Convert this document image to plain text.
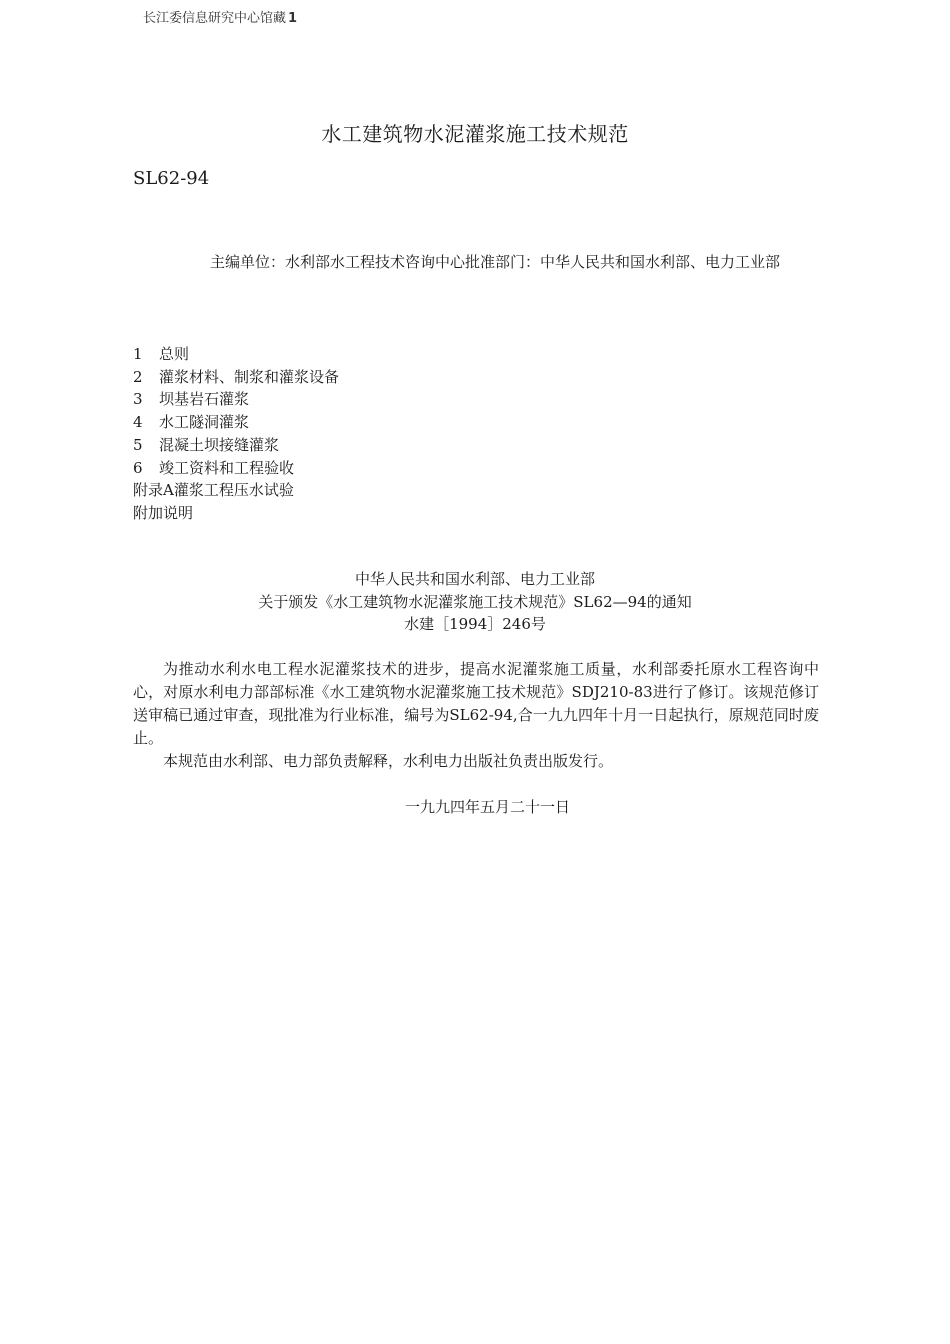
长江委信息研究中心馆藏 1
水工建筑物水泥灌浆施工技术规范
SL62-94
主编单位：水利部水工程技术咨询中心批准部门：中华人民共和国水利部、电力工业部
1 总则
2 灌浆材料、制浆和灌浆设备
3 坝基岩石灌浆
4 水工隧洞灌浆
5 混凝土坝接缝灌浆
6 竣工资料和工程验收
附录A灌浆工程压水试验
附加说明
中华人民共和国水利部、电力工业部
关于颁发《水工建筑物水泥灌浆施工技术规范》SL62—94的通知
水建［1994］246号

为推动水利水电工程水泥灌浆技术的进步，提高水泥灌浆施工质量，水利部委托原水工程咨询中心，对原水利电力部部标准《水工建筑物水泥灌浆施工技术规范》SDJ210-83进行了修订。该规范修订送审稿已通过审查，现批准为行业标准，编号为SL62-94,合一九九四年十月一日起执行，原规范同时废止。

本规范由水利部、电力部负责解释，水利电力出版社负责出版发行。

一九九四年五月二十一日
